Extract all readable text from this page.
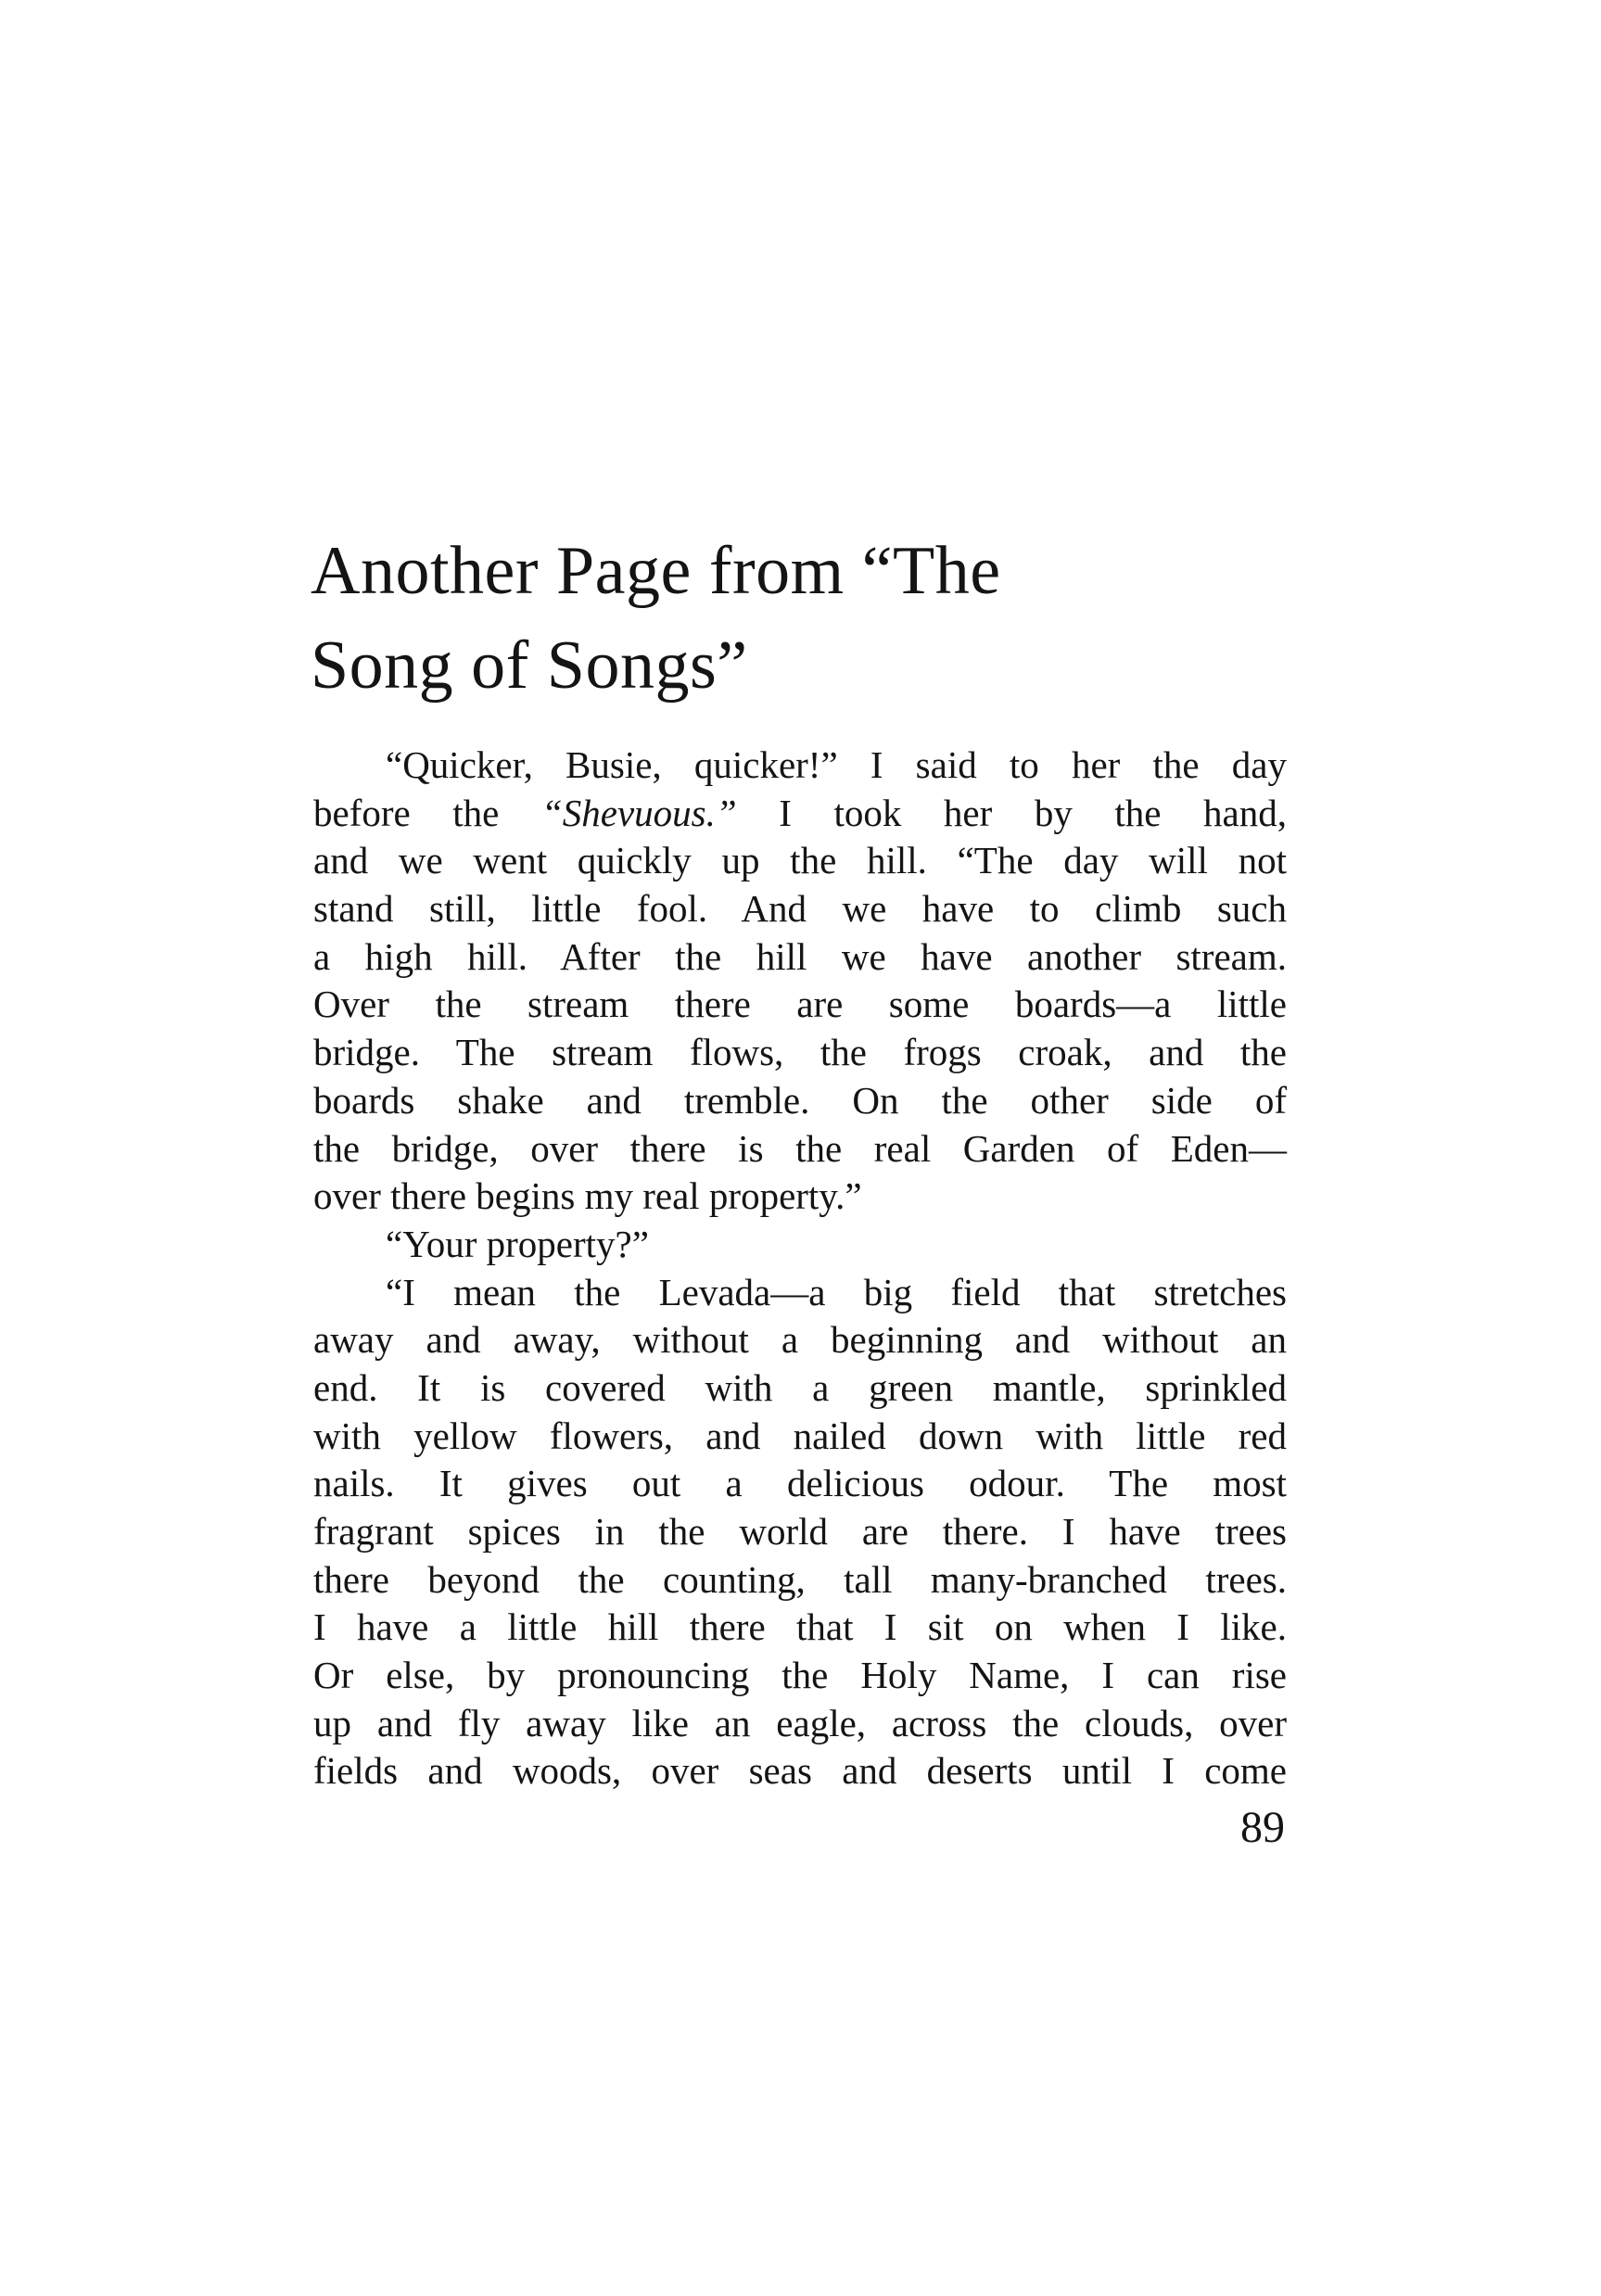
Another Page from “The
Song of Songs”
“Quicker, Busie, quicker!” I said to her the day
before the “Shevuous.” I took her by the hand,
and we went quickly up the hill. “The day will not
stand still, little fool. And we have to climb such
a high hill. After the hill we have another stream.
Over the stream there are some boards—a little
bridge. The stream flows, the frogs croak, and the
boards shake and tremble. On the other side of
the bridge, over there is the real Garden of Eden—
over there begins my real property.”
“Your property?”
“I mean the Levada—a big field that stretches
away and away, without a beginning and without an
end. It is covered with a green mantle, sprinkled
with yellow flowers, and nailed down with little red
nails. It gives out a delicious odour. The most
fragrant spices in the world are there. I have trees
there beyond the counting, tall many-branched trees.
I have a little hill there that I sit on when I like.
Or else, by pronouncing the Holy Name, I can rise
up and fly away like an eagle, across the clouds, over
fields and woods, over seas and deserts until I come
89
